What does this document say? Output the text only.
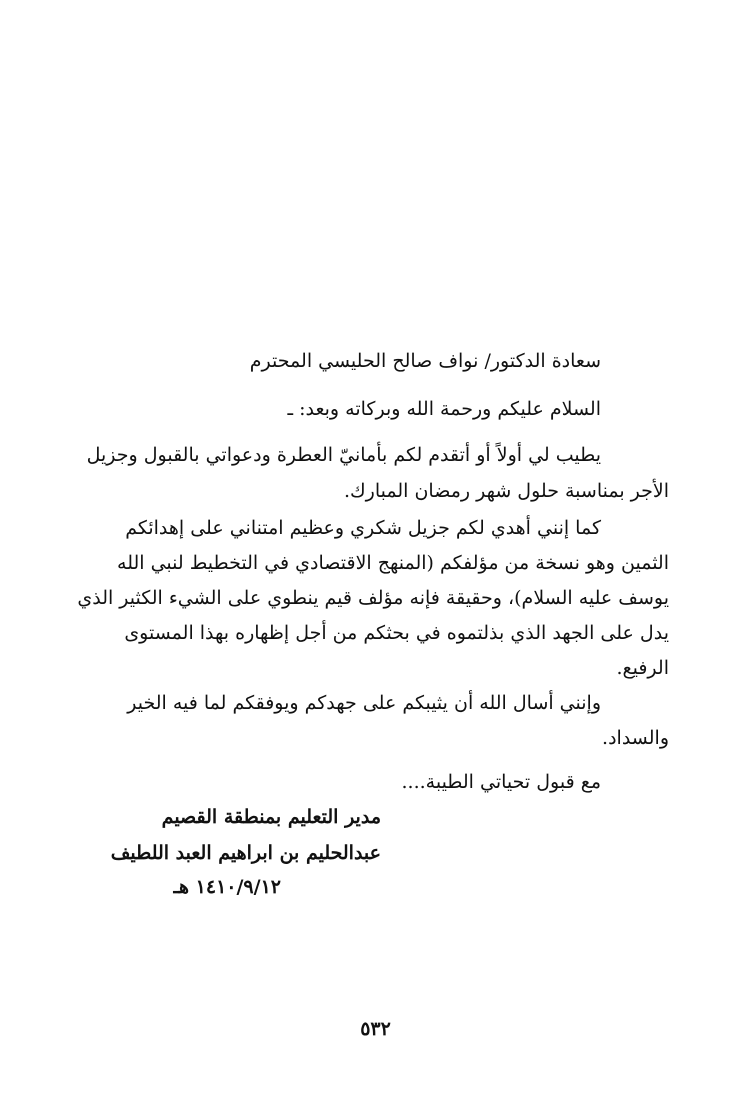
سعادة الدكتور/ نواف صالح الحليسي المحترم
السلام عليكم ورحمة الله وبركاته وبعد: ـ
يطيب لي أولاً أو أتقدم لكم بأمانيّ العطرة ودعواتي بالقبول وجزيل
الأجر بمناسبة حلول شهر رمضان المبارك.
كما إنني أهدي لكم جزيل شكري وعظيم امتناني على إهدائكم
الثمين وهو نسخة من مؤلفكم (المنهج الاقتصادي في التخطيط لنبي الله
يوسف عليه السلام)، وحقيقة فإنه مؤلف قيم ينطوي على الشيء الكثير الذي
يدل على الجهد الذي بذلتموه في بحثكم من أجل إظهاره بهذا المستوى
الرفيع.
وإنني أسال الله أن يثيبكم على جهدكم ويوفقكم لما فيه الخير
والسداد.
مع قبول تحياتي الطيبة....
مدير التعليم بمنطقة القصيم
عبدالحليم بن ابراهيم العبد اللطيف
١٤١٠/٩/١٢ هـ
٥٣٢
